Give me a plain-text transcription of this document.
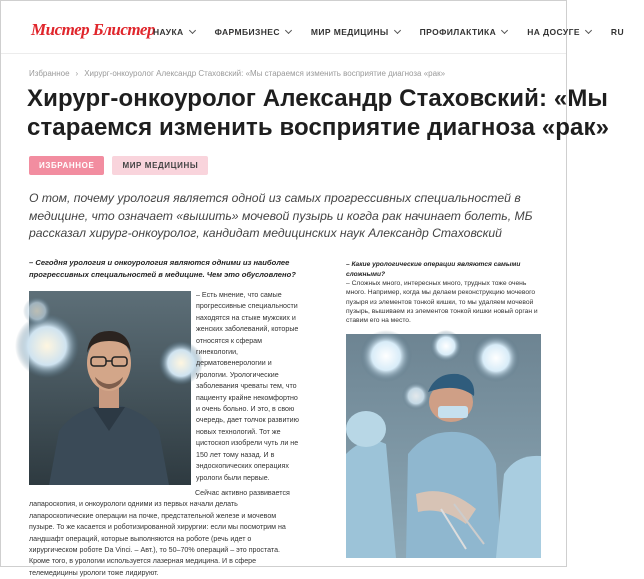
Мистер Блистер
НАУКА	ФАРМБИЗНЕС	МИР МЕДИЦИНЫ	ПРОФИЛАКТИКА	НА ДОСУГЕ	RU
Избранное › Хирург-онкоуролог Александр Стаховский: «Мы стараемся изменить восприятие диагноза «рак»
Хирург-онкоуролог Александр Стаховский: «Мы
стараемся изменить восприятие диагноза «рак»
ИЗБРАННОЕ	МИР МЕДИЦИНЫ
О том, почему урология является одной из самых прогрессивных специальностей в медицине, что означает «вышить» мочевой пузырь и когда рак начинает болеть, МБ рассказал хирург-онкоуролог, кандидат медицинских наук Александр Стаховский
– Сегодня урология и онкоурология являются одними из наиболее прогрессивных специальностей в медицине. Чем это обусловлено?
– Есть мнение, что самые прогрессивные специальности находятся на стыке мужских и женских заболеваний, которые относятся к сферам гинекологии, дерматовенерологии и урологии. Урологические заболевания чреваты тем, что пациенту крайне некомфортно и очень больно. И это, в свою очередь, дает толчок развитию новых технологий. Тот же цистоскоп изобрели чуть ли не 150 лет тому назад. И в эндоскопических операциях урологи были первые.
Сейчас активно развивается лапароскопия, и онкоурологи одними из первых начали делать лапароскопические операции на почке, предстательной железе и мочевом пузыре. То же касается и роботизированной хирургии: если мы посмотрим на ландшафт операций, которые выполняются на роботе (речь идет о хирургическом роботе Da Vinci. – Авт.), то 50–70% операций – это простата. Кроме того, в урологии используется лазерная медицина. И в сфере телемедицины урологи тоже лидируют.
– Какие урологические операции являются самыми сложными?
– Сложных много, интересных много, трудных тоже очень много. Например, когда мы делаем реконструкцию мочевого пузыря из элементов тонкой кишки, то мы удаляем мочевой пузырь, вышиваем из элементов тонкой кишки новый орган и ставим его на место.
